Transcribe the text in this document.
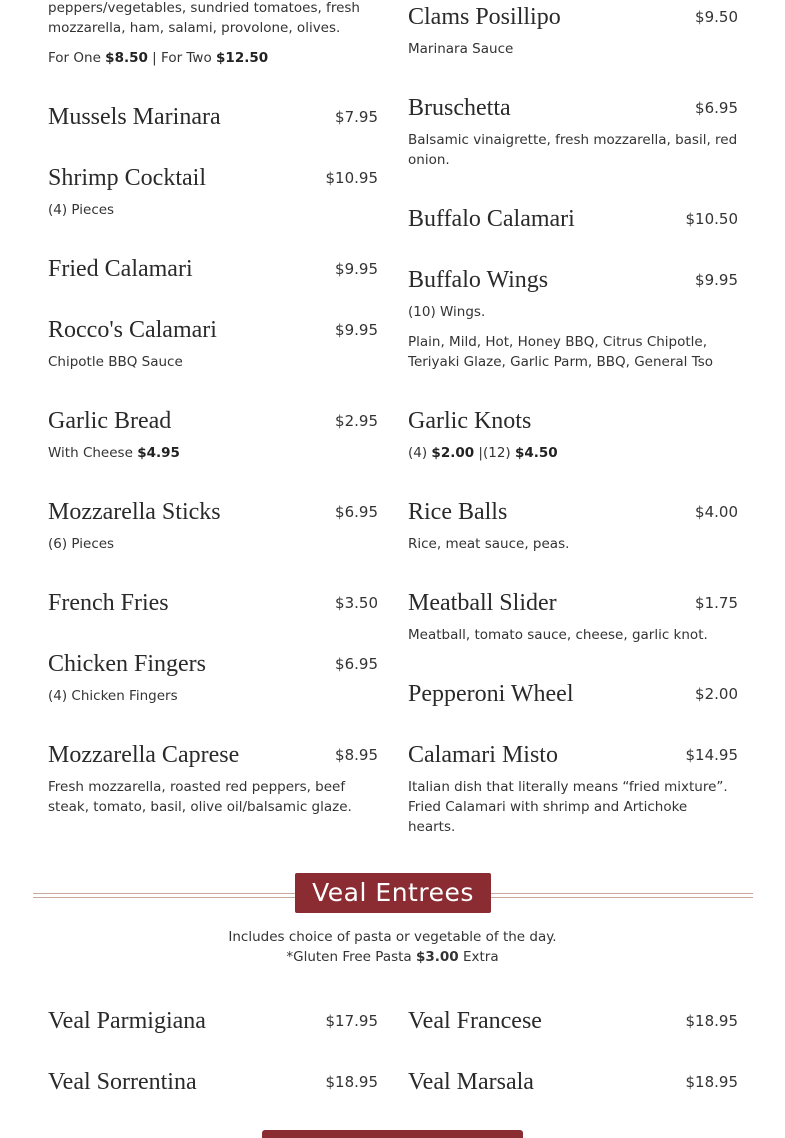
peppers/vegetables, sundried tomatoes, fresh
mozzarella, ham, salami, provolone, olives.
For One $8.50 | For Two $12.50
Mussels Marinara	$7.95
Shrimp Cocktail	$10.95
(4) Pieces
Fried Calamari	$9.95
Rocco's Calamari	$9.95
Chipotle BBQ Sauce
Garlic Bread	$2.95
With Cheese $4.95
Mozzarella Sticks	$6.95
(6) Pieces
French Fries	$3.50
Chicken Fingers	$6.95
(4) Chicken Fingers
Mozzarella Caprese	$8.95
Fresh mozzarella, roasted red peppers, beef
steak, tomato, basil, olive oil/balsamic glaze.
Clams Posillipo	$9.50
Marinara Sauce
Bruschetta	$6.95
Balsamic vinaigrette, fresh mozzarella, basil, red
onion.
Buffalo Calamari	$10.50
Buffalo Wings	$9.95
(10) Wings.
Plain, Mild, Hot, Honey BBQ, Citrus Chipotle,
Teriyaki Glaze, Garlic Parm, BBQ, General Tso
Garlic Knots
(4) $2.00 |(12) $4.50
Rice Balls	$4.00
Rice, meat sauce, peas.
Meatball Slider	$1.75
Meatball, tomato sauce, cheese, garlic knot.
Pepperoni Wheel	$2.00
Calamari Misto	$14.95
Italian dish that literally means “fried mixture”.
Fried Calamari with shrimp and Artichoke
hearts.
Veal Entrees
Includes choice of pasta or vegetable of the day.
*Gluten Free Pasta $3.00 Extra
Veal Parmigiana	$17.95 Veal Francese	$18.95
Veal Sorrentina	$18.95 Veal Marsala	$18.95
